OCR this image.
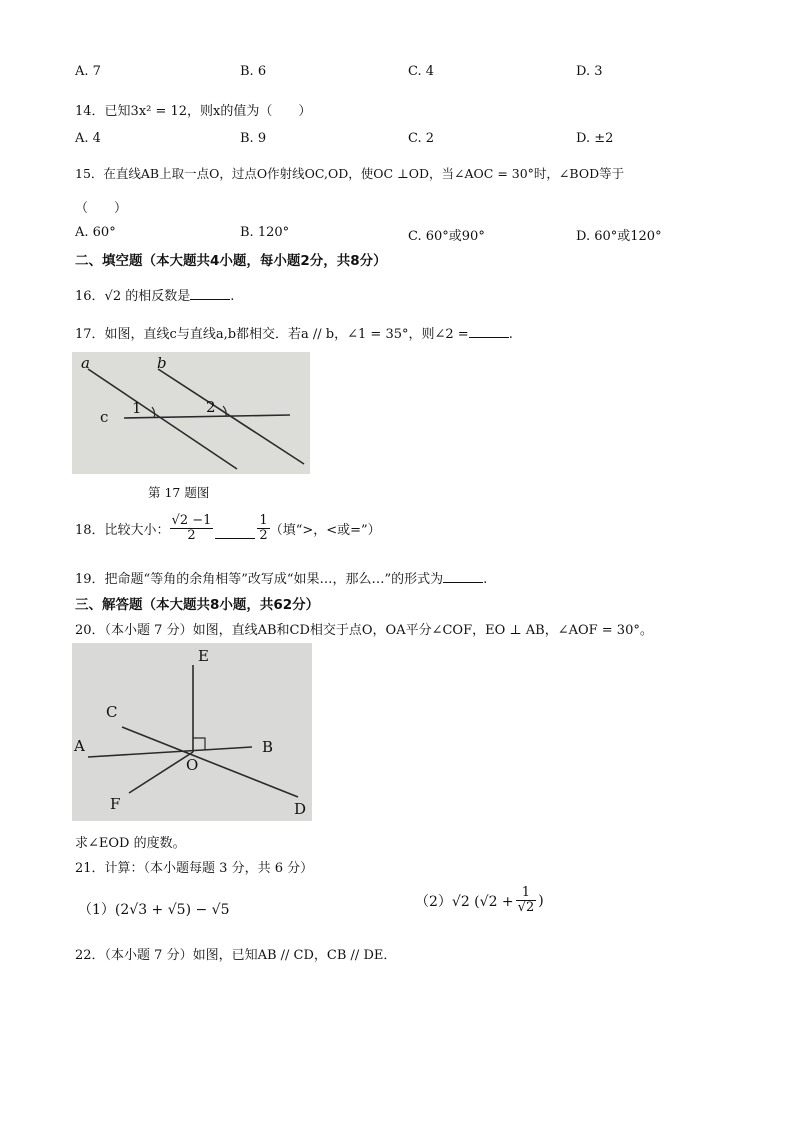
A. 7	B. 6	C. 4	D. 3
14．已知3x² = 12，则x的值为（　　）
A. 4	B. 9	C. 2	D. ±2
15．在直线AB上取一点O，过点O作射线OC,OD，使OC ⊥OD，当∠AOC = 30°时，∠BOD等于
（　　）
A. 60°	B. 120°	C. 60°或90°	D. 60°或120°
二、填空题（本大题共4小题，每小题2分，共8分）
16．√2 的相反数是	.
17．如图，直线c与直线a,b都相交．若a // b，∠1 = 35°，则∠2 =	.
a	b
c 1	2
第 17 题图
18．比较大小： $\frac{√2 -1}{2}$	$\frac{1}{2}$ （填“>，<或=”）
19．把命题“等角的余角相等”改写成“如果…，那么…”的形式为	.
三、解答题（本大题共8小题，共62分）
20．（本小题 7 分）如图，直线AB和CD相交于点O，OA平分∠COF，EO ⊥ AB，∠AOF = 30°。
E
C
A	B
O
F	D
求∠EOD 的度数。
21．计算：（本小题每题 3 分，共 6 分）
（1）(2√3 + √5) − √5
（2）√2 ($√2 + \frac{1}{√2}$ )
22．（本小题 7 分）如图，已知AB // CD，CB // DE．
